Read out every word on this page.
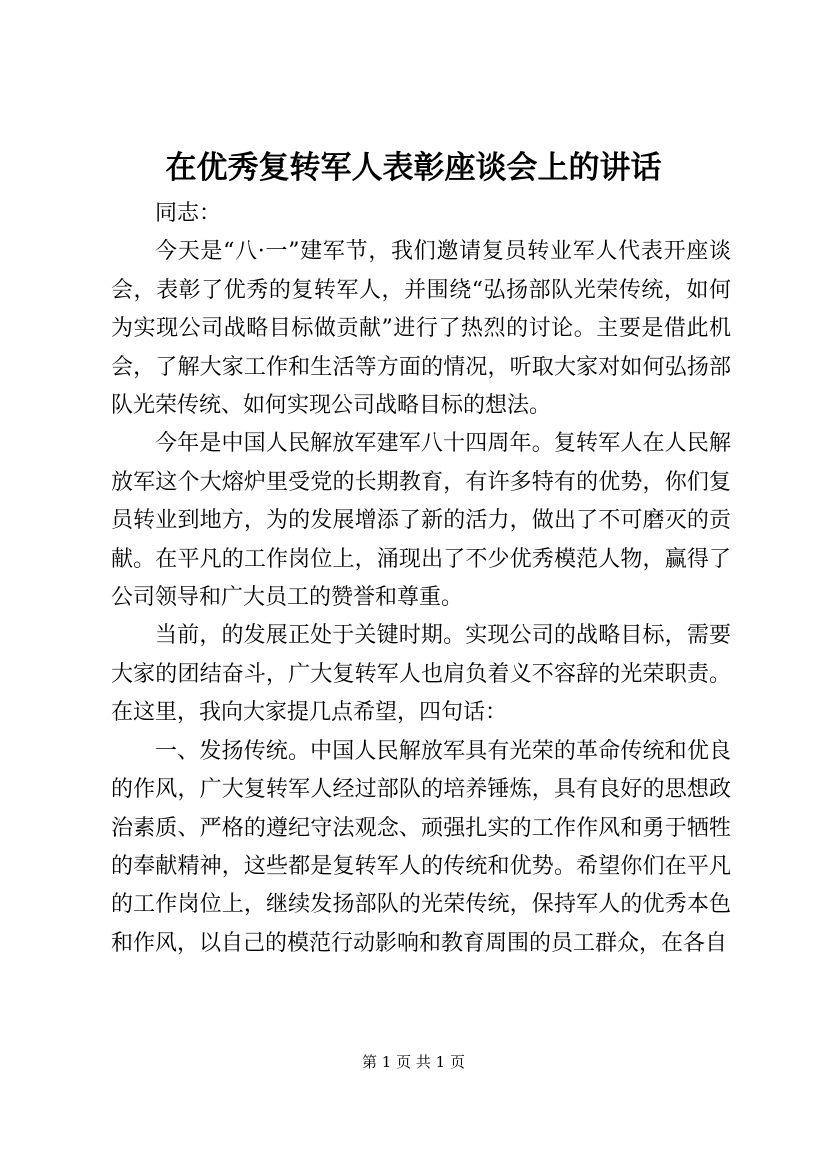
在优秀复转军人表彰座谈会上的讲话

同志：

今天是“八·一”建军节，我们邀请复员转业军人代表开座谈会，表彰了优秀的复转军人，并围绕“弘扬部队光荣传统，如何为实现公司战略目标做贡献”进行了热烈的讨论。主要是借此机会，了解大家工作和生活等方面的情况，听取大家对如何弘扬部队光荣传统、如何实现公司战略目标的想法。

今年是中国人民解放军建军八十四周年。复转军人在人民解放军这个大熔炉里受党的长期教育，有许多特有的优势，你们复员转业到地方，为的发展增添了新的活力，做出了不可磨灭的贡献。在平凡的工作岗位上，涌现出了不少优秀模范人物，赢得了公司领导和广大员工的赞誉和尊重。

当前，的发展正处于关键时期。实现公司的战略目标，需要大家的团结奋斗，广大复转军人也肩负着义不容辞的光荣职责。在这里，我向大家提几点希望，四句话：

一、发扬传统。中国人民解放军具有光荣的革命传统和优良的作风，广大复转军人经过部队的培养锤炼，具有良好的思想政治素质、严格的遵纪守法观念、顽强扎实的工作作风和勇于牺牲的奉献精神，这些都是复转军人的传统和优势。希望你们在平凡的工作岗位上，继续发扬部队的光荣传统，保持军人的优秀本色和作风，以自己的模范行动影响和教育周围的员工群众，在各自

第 1 页 共 1 页
